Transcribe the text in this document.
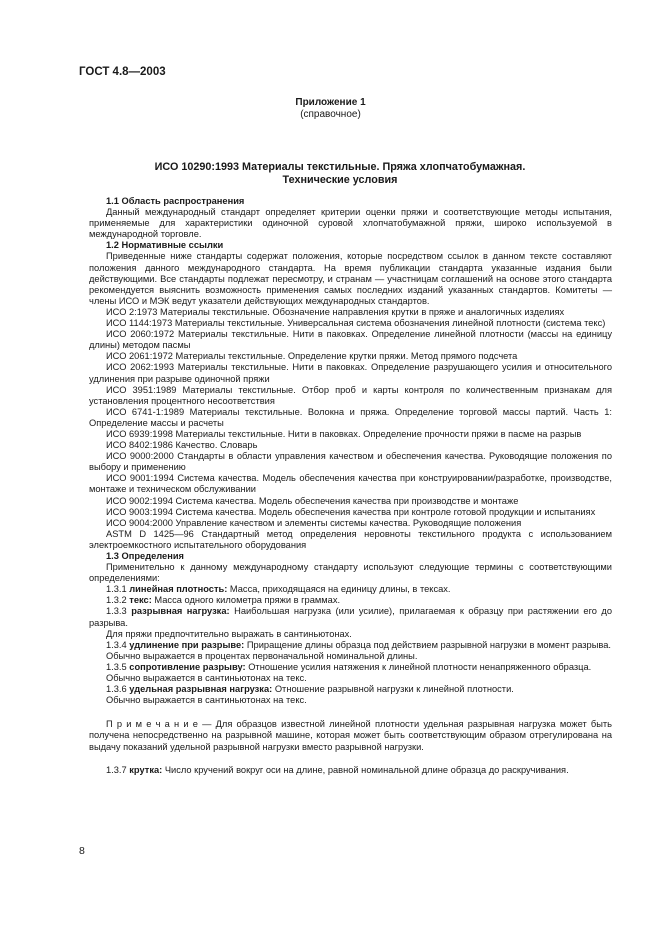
ГОСТ 4.8—2003
Приложение 1
(справочное)
ИСО 10290:1993 Материалы текстильные. Пряжа хлопчатобумажная.
Технические условия

1.1 Область распространения

Данный международный стандарт определяет критерии оценки пряжи и соответствующие методы испытания, применяемые для характеристики одиночной суровой хлопчатобумажной пряжи, широко используемой в международной торговле.

1.2 Нормативные ссылки

Приведенные ниже стандарты содержат положения, которые посредством ссылок в данном тексте составляют положения данного международного стандарта. На время публикации стандарта указанные издания были действующими. Все стандарты подлежат пересмотру, и странам — участницам соглашений на основе этого стандарта рекомендуется выяснить возможность применения самых последних изданий указанных стандартов. Комитеты — члены ИСО и МЭК ведут указатели действующих международных стандартов.

ИСО 2:1973 Материалы текстильные. Обозначение направления крутки в пряже и аналогичных изделиях

ИСО 1144:1973 Материалы текстильные. Универсальная система обозначения линейной плотности (система текс)

ИСО 2060:1972 Материалы текстильные. Нити в паковках. Определение линейной плотности (массы на единицу длины) методом пасмы

ИСО 2061:1972 Материалы текстильные. Определение крутки пряжи. Метод прямого подсчета

ИСО 2062:1993 Материалы текстильные. Нити в паковках. Определение разрушающего усилия и относительного удлинения при разрыве одиночной пряжи

ИСО 3951:1989 Материалы текстильные. Отбор проб и карты контроля по количественным признакам для установления процентного несоответствия

ИСО 6741-1:1989 Материалы текстильные. Волокна и пряжа. Определение торговой массы партий. Часть 1: Определение массы и расчеты

ИСО 6939:1998 Материалы текстильные. Нити в паковках. Определение прочности пряжи в пасме на разрыв

ИСО 8402:1986 Качество. Словарь

ИСО 9000:2000 Стандарты в области управления качеством и обеспечения качества. Руководящие положения по выбору и применению

ИСО 9001:1994 Система качества. Модель обеспечения качества при конструировании/разработке, производстве, монтаже и техническом обслуживании

ИСО 9002:1994 Система качества. Модель обеспечения качества при производстве и монтаже

ИСО 9003:1994 Система качества. Модель обеспечения качества при контроле готовой продукции и испытаниях

ИСО 9004:2000 Управление качеством и элементы системы качества. Руководящие положения

ASTM D 1425—96 Стандартный метод определения неровноты текстильного продукта с использованием электроемкостного испытательного оборудования

1.3 Определения

Применительно к данному международному стандарту используют следующие термины с соответствующими определениями:

1.3.1 линейная плотность: Масса, приходящаяся на единицу длины, в тексах.

1.3.2 текс: Масса одного километра пряжи в граммах.

1.3.3 разрывная нагрузка: Наибольшая нагрузка (или усилие), прилагаемая к образцу при растяжении его до разрыва.

Для пряжи предпочтительно выражать в сантиньютонах.

1.3.4 удлинение при разрыве: Приращение длины образца под действием разрывной нагрузки в момент разрыва.

Обычно выражается в процентах первоначальной номинальной длины.

1.3.5 сопротивление разрыву: Отношение усилия натяжения к линейной плотности ненапряженного образца.

Обычно выражается в сантиньютонах на текс.

1.3.6 удельная разрывная нагрузка: Отношение разрывной нагрузки к линейной плотности.

Обычно выражается в сантиньютонах на текс.

П р и м е ч а н и е — Для образцов известной линейной плотности удельная разрывная нагрузка может быть получена непосредственно на разрывной машине, которая может быть соответствующим образом отрегулирована на выдачу показаний удельной разрывной нагрузки вместо разрывной нагрузки.

1.3.7 крутка: Число кручений вокруг оси на длине, равной номинальной длине образца до раскручивания.

8
